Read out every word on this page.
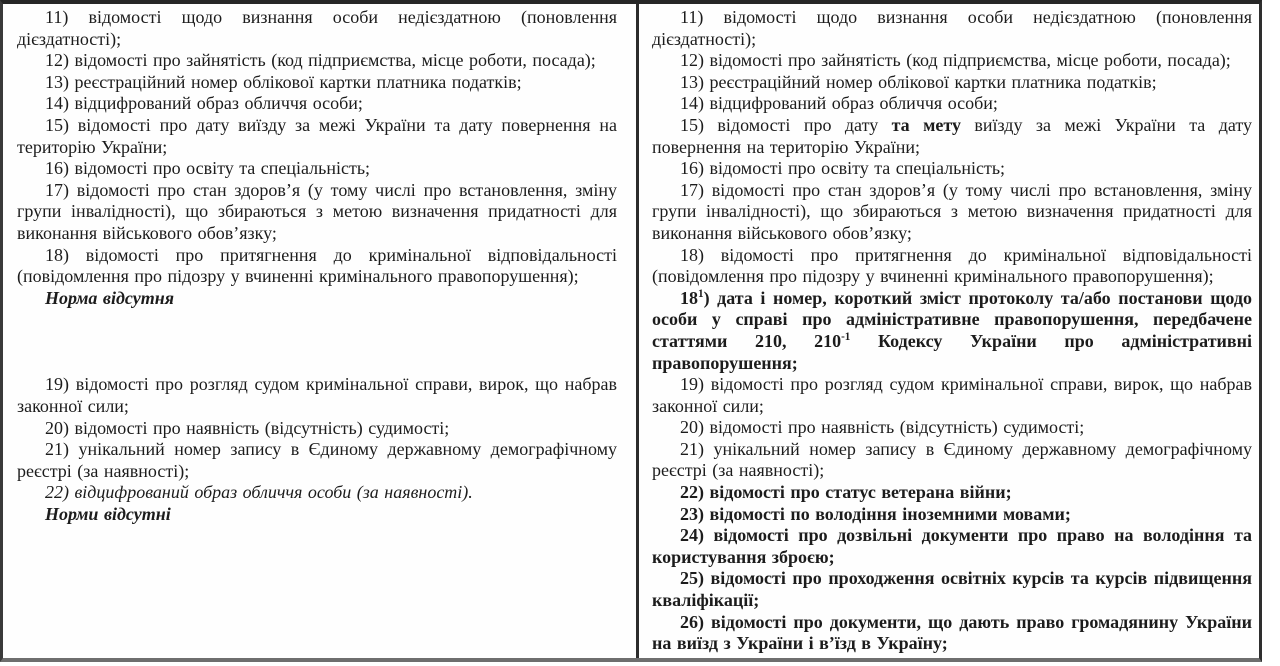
11) відомості щодо визнання особи недієздатною (поновлення дієздатності);

12) відомості про зайнятість (код підприємства, місце роботи, посада);

13) реєстраційний номер облікової картки платника податків;

14) відцифрований образ обличчя особи;

15) відомості про дату виїзду за межі України та дату повернення на територію України;

16) відомості про освіту та спеціальність;

17) відомості про стан здоров’я (у тому числі про встановлення, зміну групи інвалідності), що збираються з метою визначення придатності для виконання військового обов’язку;

18) відомості про притягнення до кримінальної відповідальності (повідомлення про підозру у вчиненні кримінального правопорушення);

Норма відсутня

19) відомості про розгляд судом кримінальної справи, вирок, що набрав законної сили;

20) відомості про наявність (відсутність) судимості;

21) унікальний номер запису в Єдиному державному демографічному реєстрі (за наявності);

22) відцифрований образ обличчя особи (за наявності).

Норми відсутні

11) відомості щодо визнання особи недієздатною (поновлення дієздатності);

12) відомості про зайнятість (код підприємства, місце роботи, посада);

13) реєстраційний номер облікової картки платника податків;

14) відцифрований образ обличчя особи;

15) відомості про дату та мету виїзду за межі України та дату повернення на територію України;

16) відомості про освіту та спеціальність;

17) відомості про стан здоров’я (у тому числі про встановлення, зміну групи інвалідності), що збираються з метою визначення придатності для виконання військового обов’язку;

18) відомості про притягнення до кримінальної відповідальності (повідомлення про підозру у вчиненні кримінального правопорушення);

$18^1$) дата і номер, короткий зміст протоколу та/або постанови щодо особи у справі про адміністративне правопорушення, передбачене статтями 210, $210^{-1}$ Кодексу України про адміністративні правопорушення;

19) відомості про розгляд судом кримінальної справи, вирок, що набрав законної сили;

20) відомості про наявність (відсутність) судимості;

21) унікальний номер запису в Єдиному державному демографічному реєстрі (за наявності);

22) відомості про статус ветерана війни;

23) відомості по володіння іноземними мовами;

24) відомості про дозвільні документи про право на володіння та користування зброєю;

25) відомості про проходження освітніх курсів та курсів підвищення кваліфікації;

26) відомості про документи, що дають право громадянину України на виїзд з України і в’їзд в Україну;
